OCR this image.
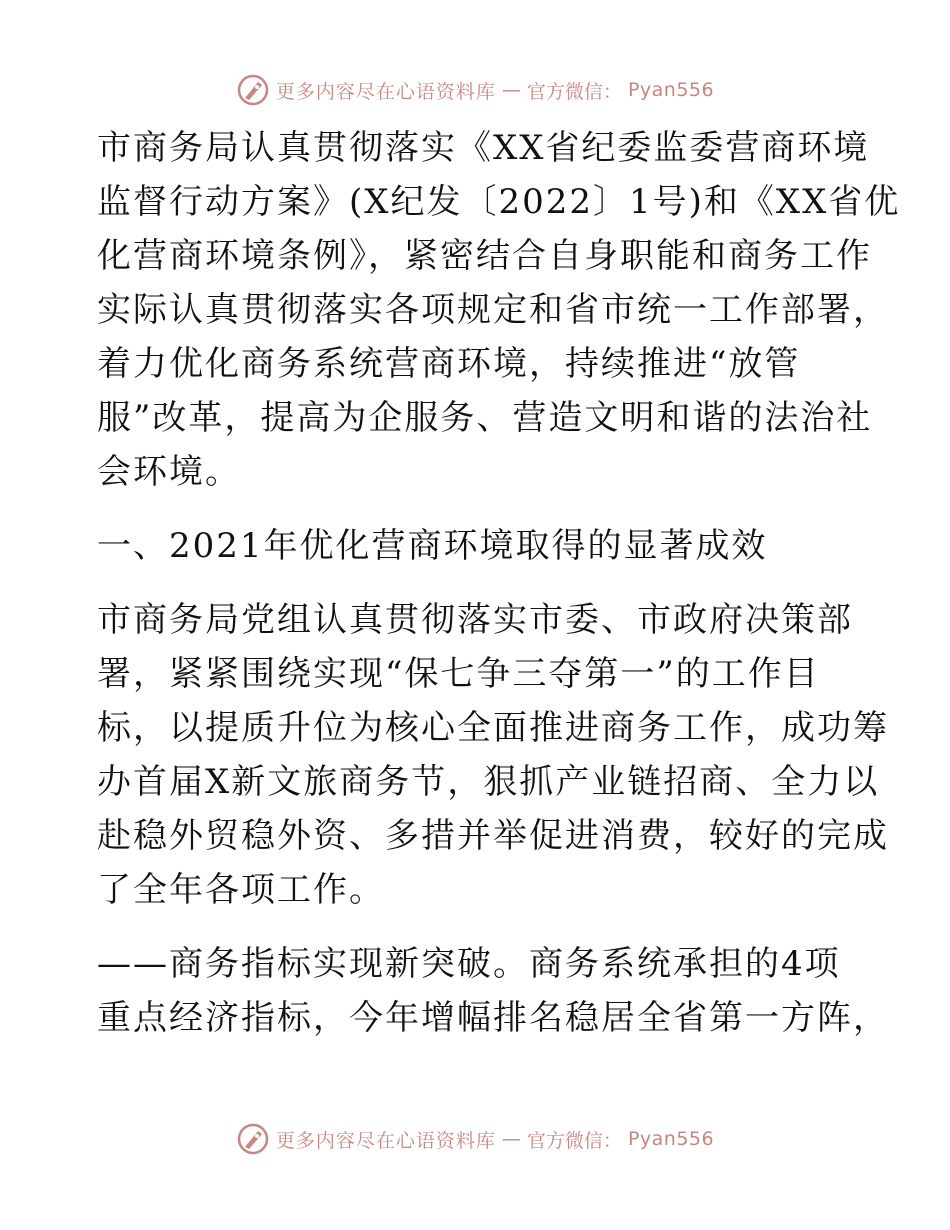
更多内容尽在心语资料库 — 官方微信： Pyan556

市商务局认真贯彻落实《XX省纪委监委营商环境
监督行动方案》(X纪发〔2022〕1号)和《XX省优
化营商环境条例》，紧密结合自身职能和商务工作
实际认真贯彻落实各项规定和省市统一工作部署，
着力优化商务系统营商环境，持续推进“放管
服”改革，提高为企服务、营造文明和谐的法治社
会环境。

一、2021年优化营商环境取得的显著成效

市商务局党组认真贯彻落实市委、市政府决策部
署，紧紧围绕实现“保七争三夺第一”的工作目
标，以提质升位为核心全面推进商务工作，成功筹
办首届X新文旅商务节，狠抓产业链招商、全力以
赴稳外贸稳外资、多措并举促进消费，较好的完成
了全年各项工作。

——商务指标实现新突破。商务系统承担的4项
重点经济指标，今年增幅排名稳居全省第一方阵，

更多内容尽在心语资料库 — 官方微信： Pyan556
